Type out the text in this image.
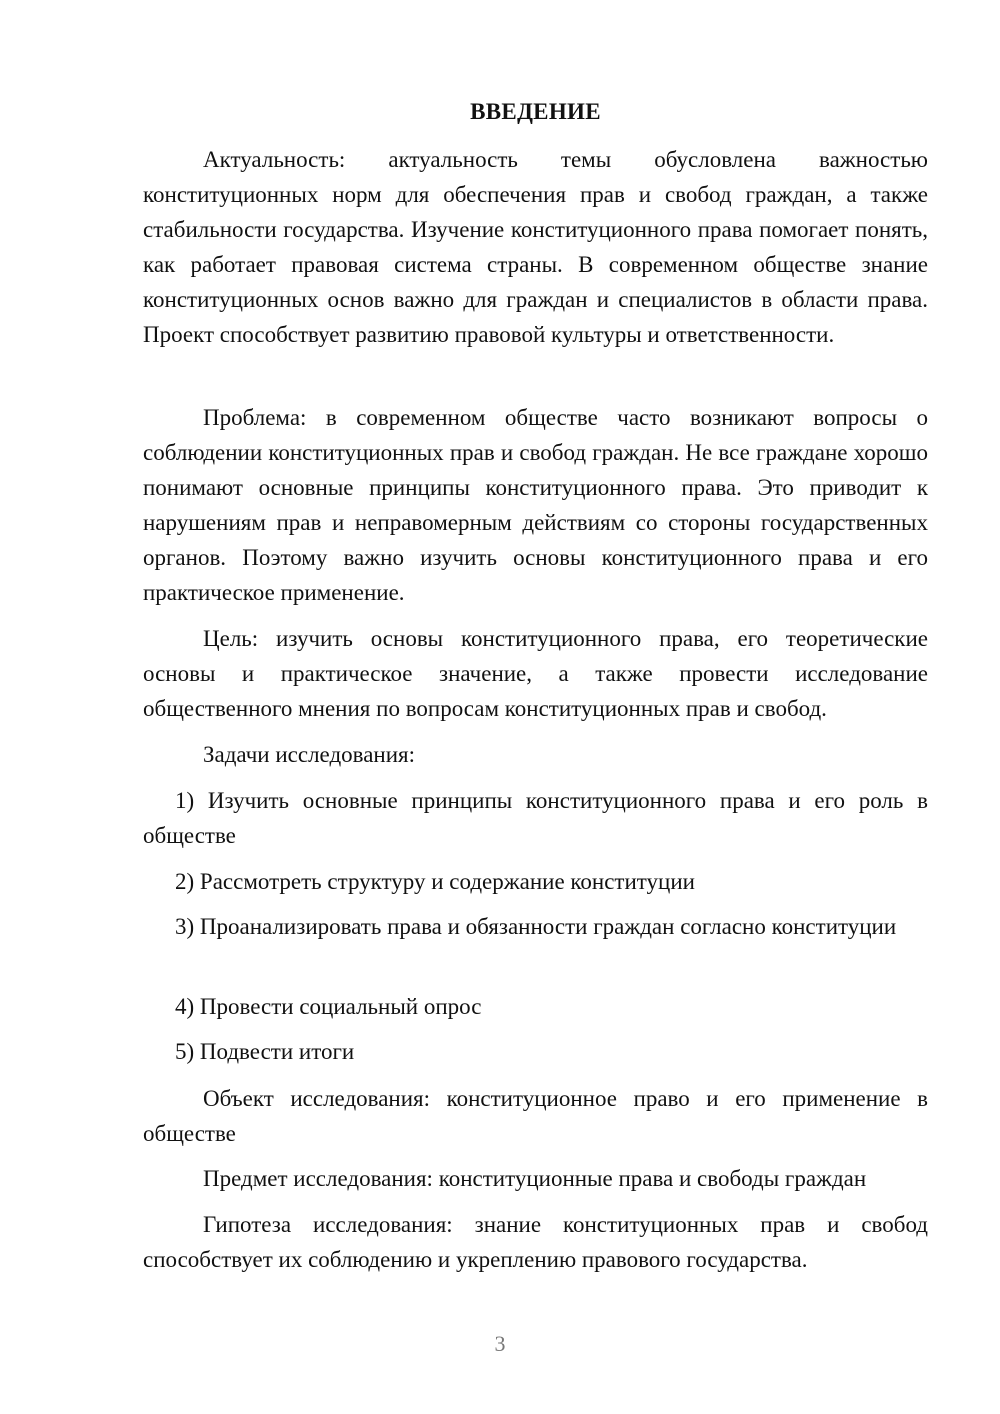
ВВЕДЕНИЕ

Актуальность: актуальность темы обусловлена важностью конституционных норм для обеспечения прав и свобод граждан, а также стабильности государства. Изучение конституционного права помогает понять, как работает правовая система страны. В современном обществе знание конституционных основ важно для граждан и специалистов в области права. Проект способствует развитию правовой культуры и ответственности.

Проблема: в современном обществе часто возникают вопросы о соблюдении конституционных прав и свобод граждан. Не все граждане хорошо понимают основные принципы конституционного права. Это приводит к нарушениям прав и неправомерным действиям со стороны государственных органов. Поэтому важно изучить основы конституционного права и его практическое применение.

Цель: изучить основы конституционного права, его теоретические основы и практическое значение, а также провести исследование общественного мнения по вопросам конституционных прав и свобод.

Задачи исследования:

1) Изучить основные принципы конституционного права и его роль в обществе

2) Рассмотреть структуру и содержание конституции

3) Проанализировать права и обязанности граждан согласно конституции

4) Провести социальный опрос

5) Подвести итоги

Объект исследования: конституционное право и его применение в обществе

Предмет исследования: конституционные права и свободы граждан

Гипотеза исследования: знание конституционных прав и свобод способствует их соблюдению и укреплению правового государства.

3
